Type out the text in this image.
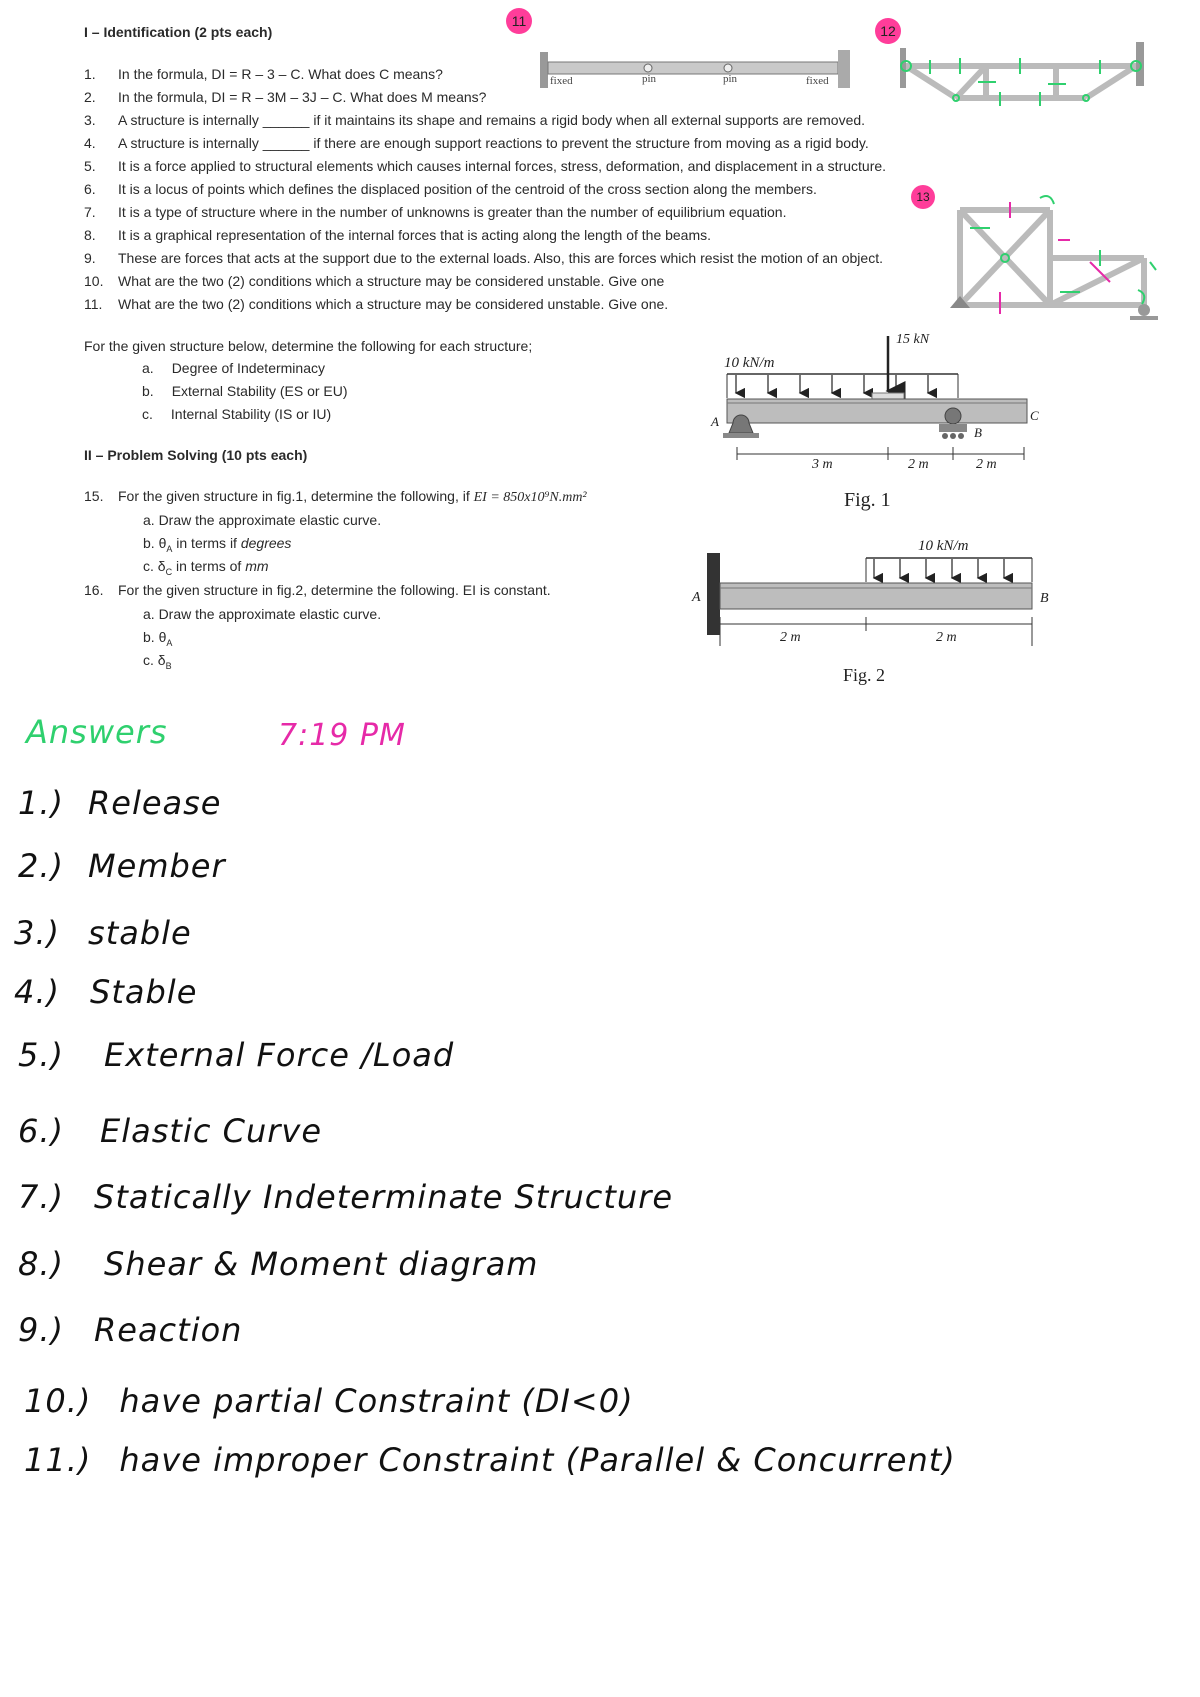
I – Identification (2 pts each)
1.	In the formula, DI = R – 3 – C. What does C means?
2.	In the formula, DI = R – 3M – 3J – C. What does M means?
3.	A structure is internally ______ if it maintains its shape and remains a rigid body when all external supports are removed.
4.	A structure is internally ______ if there are enough support reactions to prevent the structure from moving as a rigid body.
5.	It is a force applied to structural elements which causes internal forces, stress, deformation, and displacement in a structure.
6.	It is a locus of points which defines the displaced position of the centroid of the cross section along the members.
7.	It is a type of structure where in the number of unknowns is greater than the number of equilibrium equation.
8.	It is a graphical representation of the internal forces that is acting along the length of the beams.
9.	These are forces that acts at the support due to the external loads. Also, this are forces which resist the motion of an object.
10.	What are the two (2) conditions which a structure may be considered unstable. Give one
11.	What are the two (2) conditions which a structure may be considered unstable. Give one.
For the given structure below, determine the following for each structure;
a. Degree of Indeterminacy
b. External Stability (ES or EU)
c. Internal Stability (IS or IU)
II – Problem Solving (10 pts each)
15.	For the given structure in fig.1, determine the following, if EI = 850x10⁹N.mm²
a. Draw the approximate elastic curve.
b. $\theta_A$ in terms if degrees
c. $\delta_C$ in terms of mm
16.	For the given structure in fig.2, determine the following. EI is constant.
a. Draw the approximate elastic curve.
b. $\theta_A$
c. $\delta_B$
fixed	pin	pin	fixed
10 kN/m
15 kN
A
B
C
3 m	2 m	2 m
Fig. 1
10 kN/m
A	B
2 m	2 m
Fig. 2
11
12
13
Answers	7:19 PM
1.) Release
2.) Member
3.) stable
4.) Stable
5.) External Force /Load
6.) Elastic Curve
7.) Statically Indeterminate Structure
8.) Shear & Moment diagram
9.) Reaction
10.) have partial Constraint (DI<0)
11.) have improper Constraint (Parallel & Concurrent)
